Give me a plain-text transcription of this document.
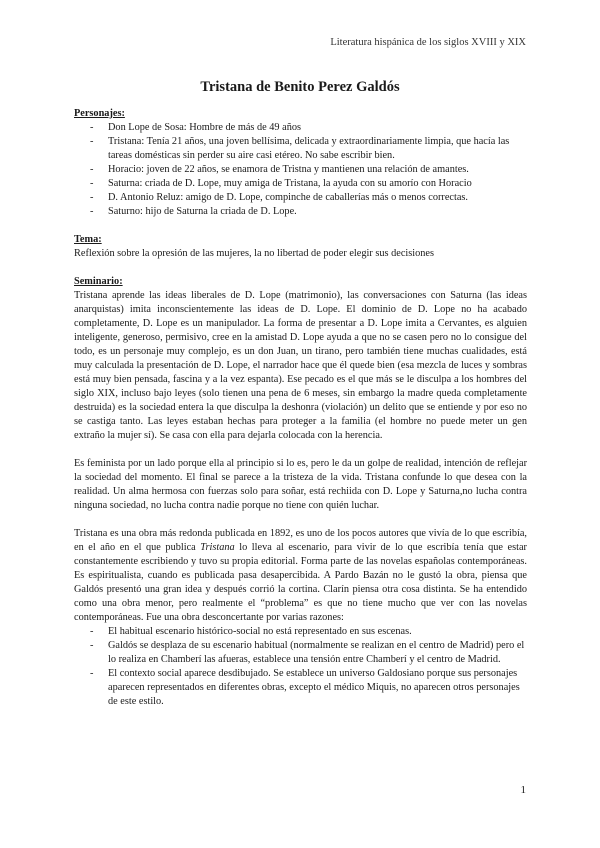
Literatura hispánica de los siglos XVIII y XIX
Tristana de Benito Perez Galdós
Personajes:
- Don Lope de Sosa: Hombre de más de 49 años
- Tristana: Tenía 21 años, una joven bellísima, delicada y extraordinariamente limpia, que hacía las tareas domésticas sin perder su aire casi etéreo. No sabe escribir bien.
- Horacio: joven de 22 años, se enamora de Tristna y mantienen una relación de amantes.
- Saturna: criada de D. Lope, muy amiga de Tristana, la ayuda con su amorío con Horacio
- D. Antonio Reluz: amigo de D. Lope, compinche de caballerías más o menos correctas.
- Saturno: hijo de Saturna la criada de D. Lope.
Tema:

Reflexión sobre la opresión de las mujeres, la no libertad de poder elegir sus decisiones

Seminario:

Tristana aprende las ideas liberales de D. Lope (matrimonio), las conversaciones con Saturna (las ideas anarquistas) imita inconscientemente las ideas de D. Lope. El dominio de D. Lope no ha acabado completamente, D. Lope es un manipulador. La forma de presentar a D. Lope imita a Cervantes, es alguien inteligente, generoso, permisivo, cree en la amistad D. Lope ayuda a que no se casen pero no lo consigue del todo, es un personaje muy complejo, es un don Juan, un tirano, pero también tiene muchas cualidades, está muy calculada la presentación de D. Lope, el narrador hace que él quede bien (esa mezcla de luces y sombras está muy bien pensada, fascina y a la vez espanta). Ese pecado es el que más se le disculpa a los hombres del siglo XIX, incluso bajo leyes (solo tienen una pena de 6 meses, sin embargo la madre queda completamente destruida) es la sociedad entera la que disculpa la deshonra (violación) un delito que se entiende y por eso no se castiga tanto. Las leyes estaban hechas para proteger a la familia (el hombre no puede meter un gen extraño la mujer sí). Se casa con ella para dejarla colocada con la herencia.

Es feminista por un lado porque ella al principio si lo es, pero le da un golpe de realidad, intención de reflejar la sociedad del momento. El final se parece a la tristeza de la vida. Tristana confunde lo que desea con la realidad. Un alma hermosa con fuerzas solo para soñar, está rechiida con D. Lope y Saturna,no lucha contra ninguna sociedad, no lucha contra nadie porque no tiene con quién luchar.

Tristana es una obra más redonda publicada en 1892, es uno de los pocos autores que vivía de lo que escribía, en el año en el que publica Tristana lo lleva al escenario, para vivir de lo que escribía tenía que estar constantemente escribiendo y tuvo su propia editorial. Forma parte de las novelas españolas contemporáneas. Es espiritualista, cuando es publicada pasa desapercibida. A Pardo Bazán no le gustó la obra, piensa que Galdós presentó una gran idea y después corrió la cortina. Clarín piensa otra cosa distinta. Se ha entendido como una obra menor, pero realmente el “problema” es que no tiene mucho que ver con las novelas contemporáneas. Fue una obra desconcertante por varias razones:

- El habitual escenario histórico-social no está representado en sus escenas.
- Galdós se desplaza de su escenario habitual (normalmente se realizan en el centro de Madrid) pero el lo realiza en Chamberí las afueras, establece una tensión entre Chamberí y el centro de Madrid.
- El contexto social aparece desdibujado. Se establece un universo Galdosiano porque sus personajes aparecen representados en diferentes obras, excepto el médico Miquis, no aparecen otros personajes de este estilo.
1
